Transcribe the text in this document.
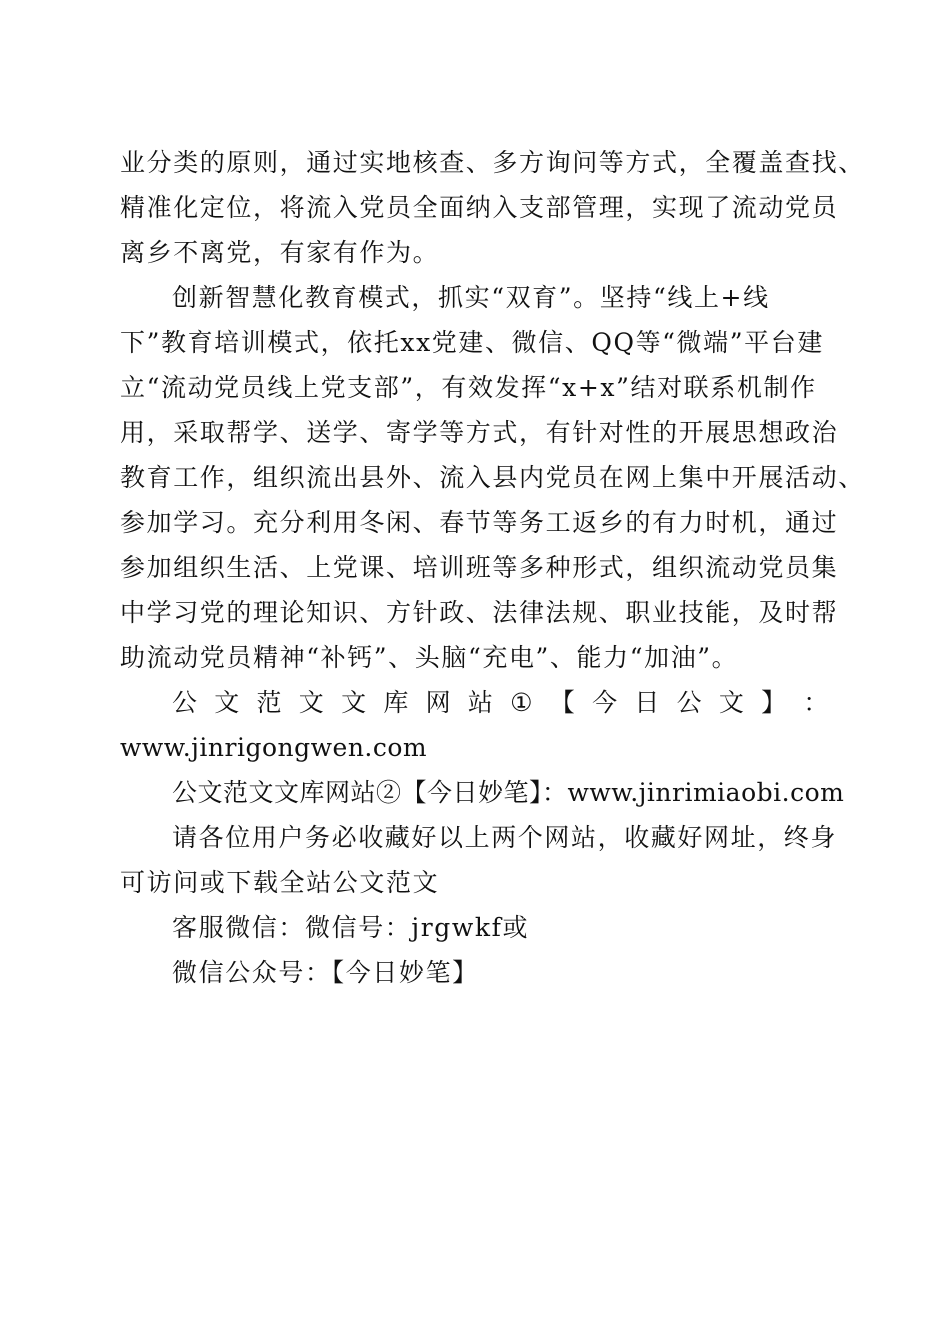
业分类的原则，通过实地核查、多方询问等方式，全覆盖查找、
精准化定位，将流入党员全面纳入支部管理，实现了流动党员
离乡不离党，有家有作为。
创新智慧化教育模式，抓实“双育”。坚持“线上+线
下”教育培训模式，依托xx党建、微信、QQ等“微端”平台建
立“流动党员线上党支部”，有效发挥“x+x”结对联系机制作
用，采取帮学、送学、寄学等方式，有针对性的开展思想政治
教育工作，组织流出县外、流入县内党员在网上集中开展活动、
参加学习。充分利用冬闲、春节等务工返乡的有力时机，通过
参加组织生活、上党课、培训班等多种形式，组织流动党员集
中学习党的理论知识、方针政、法律法规、职业技能，及时帮
助流动党员精神“补钙”、头脑“充电”、能力“加油”。
公 文 范 文 文 库 网 站 ① 【 今 日 公 文 】 ：
www.jinrigongwen.com
公文范文文库网站②【今日妙笔】：www.jinrimiaobi.com
请各位用户务必收藏好以上两个网站，收藏好网址，终身
可访问或下载全站公文范文
客服微信：微信号：jrgwkf或
微信公众号：【今日妙笔】
